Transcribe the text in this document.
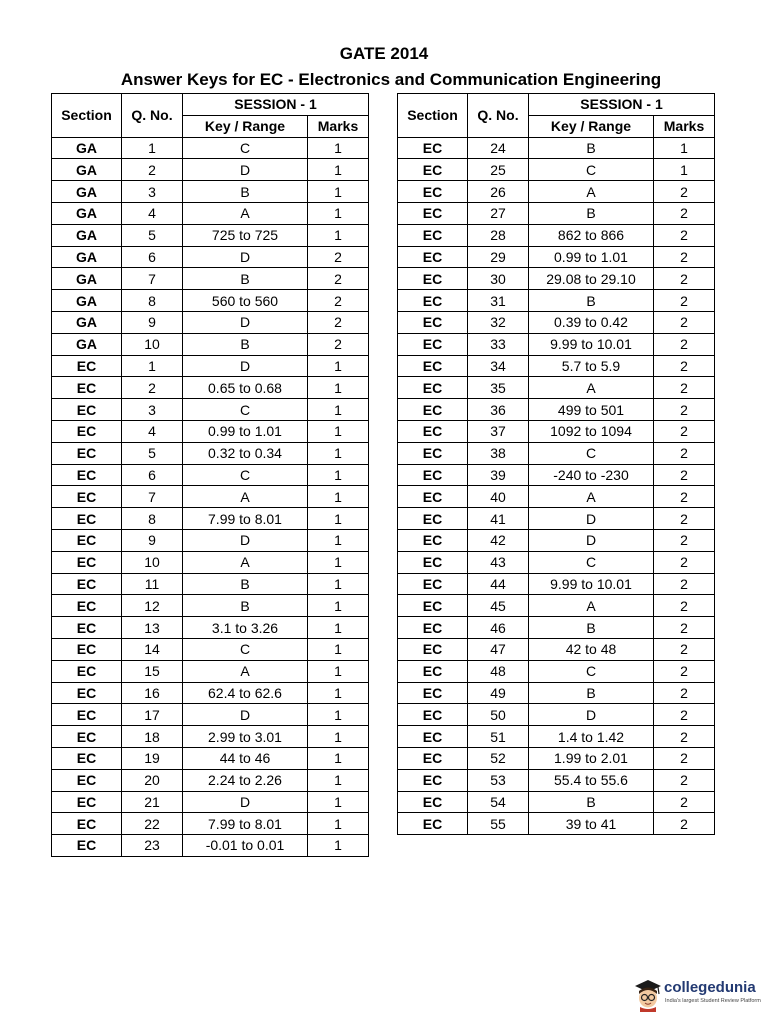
GATE 2014
Answer Keys for EC - Electronics and Communication Engineering
Section	Q. No.	SESSION - 1	
		Key / Range	Marks
GA	1	C	1
GA	2	D	1
GA	3	B	1
GA	4	A	1
GA	5	725 to 725	1
GA	6	D	2
GA	7	B	2
GA	8	560 to 560	2
GA	9	D	2
GA	10	B	2
EC	1	D	1
EC	2	0.65 to 0.68	1
EC	3	C	1
EC	4	0.99 to 1.01	1
EC	5	0.32 to 0.34	1
EC	6	C	1
EC	7	A	1
EC	8	7.99 to 8.01	1
EC	9	D	1
EC	10	A	1
EC	11	B	1
EC	12	B	1
EC	13	3.1 to 3.26	1
EC	14	C	1
EC	15	A	1
EC	16	62.4 to 62.6	1
EC	17	D	1
EC	18	2.99 to 3.01	1
EC	19	44 to 46	1
EC	20	2.24 to 2.26	1
EC	21	D	1
EC	22	7.99 to 8.01	1
EC	23	-0.01 to 0.01	1
Section	Q. No.	SESSION - 1	
		Key / Range	Marks
EC	24	B	1
EC	25	C	1
EC	26	A	2
EC	27	B	2
EC	28	862 to 866	2
EC	29	0.99 to 1.01	2
EC	30	29.08 to 29.10	2
EC	31	B	2
EC	32	0.39 to 0.42	2
EC	33	9.99 to 10.01	2
EC	34	5.7 to 5.9	2
EC	35	A	2
EC	36	499 to 501	2
EC	37	1092 to 1094	2
EC	38	C	2
EC	39	-240 to -230	2
EC	40	A	2
EC	41	D	2
EC	42	D	2
EC	43	C	2
EC	44	9.99 to 10.01	2
EC	45	A	2
EC	46	B	2
EC	47	42 to 48	2
EC	48	C	2
EC	49	B	2
EC	50	D	2
EC	51	1.4 to 1.42	2
EC	52	1.99 to 2.01	2
EC	53	55.4 to 55.6	2
EC	54	B	2
EC	55	39 to 41	2
collegedunia
India's largest Student Review Platform
